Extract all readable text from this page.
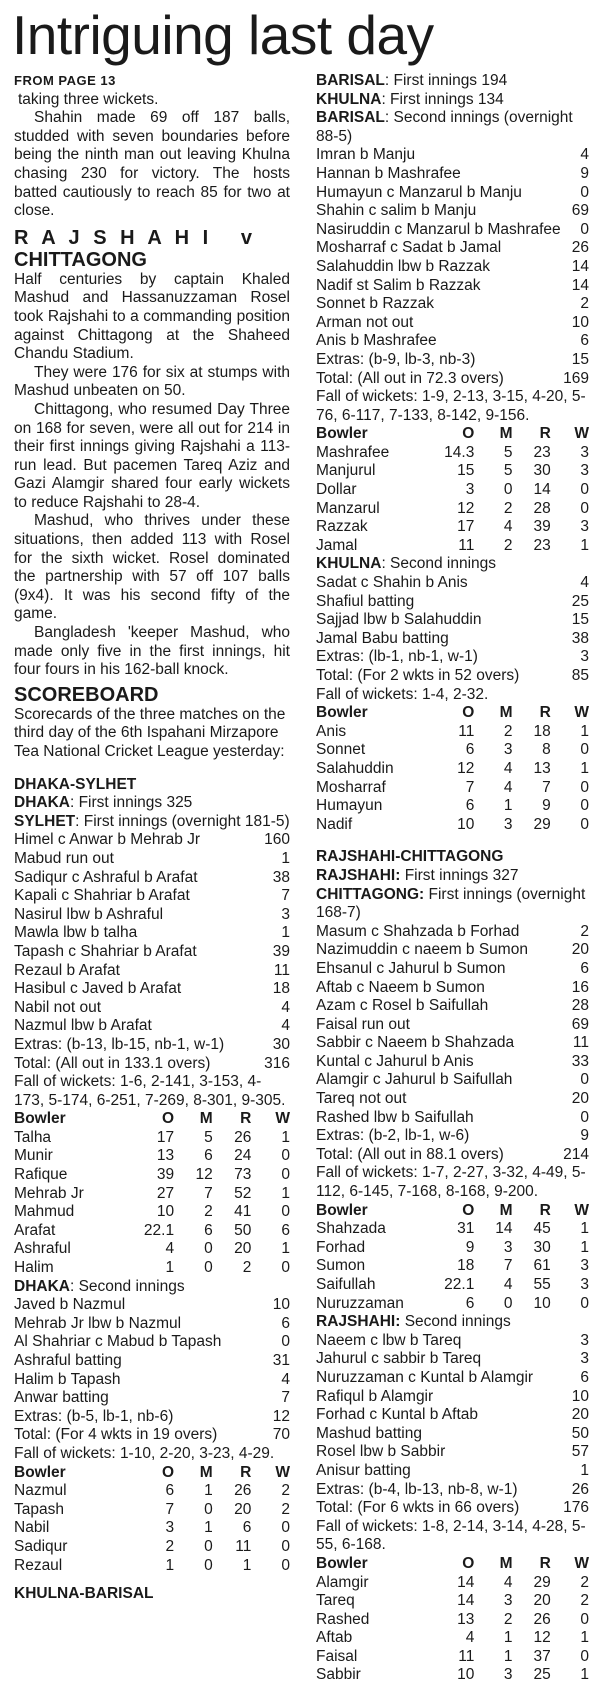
Intriguing last day
FROM PAGE 13

taking three wickets.

Shahin made 69 off 187 balls, studded with seven boundaries before being the ninth man out leaving Khulna chasing 230 for victory. The hosts batted cautiously to reach 85 for two at close.

R A J S H A H I   v
CHITTAGONG

Half centuries by captain Khaled Mashud and Hassanuzzaman Rosel took Rajshahi to a commanding position against Chittagong at the Shaheed Chandu Stadium.

They were 176 for six at stumps with Mashud unbeaten on 50.

Chittagong, who resumed Day Three on 168 for seven, were all out for 214 in their first innings giving Rajshahi a 113-run lead. But pacemen Tareq Aziz and Gazi Alamgir shared four early wickets to reduce Rajshahi to 28-4.

Mashud, who thrives under these situations, then added 113 with Rosel for the sixth wicket. Rosel dominated the partnership with 57 off 107 balls (9x4). It was his second fifty of the game.

Bangladesh 'keeper Mashud, who made only five in the first innings, hit four fours in his 162-ball knock.

SCOREBOARD

Scorecards of the three matches on the third day of the 6th Ispahani Mirzapore Tea National Cricket League yesterday:

DHAKA-SYLHET
DHAKA: First innings 325
SYLHET: First innings (overnight 181-5)
Himel c Anwar b Mehrab Jr	160
Mabud run out	1
Sadiqur c Ashraful b Arafat	38
Kapali c Shahriar b Arafat	7
Nasirul lbw b Ashraful	3
Mawla lbw b talha	1
Tapash c Shahriar b Arafat	39
Rezaul b Arafat	11
Hasibul c Javed b Arafat	18
Nabil not out	4
Nazmul lbw b Arafat	4
Extras: (b-13, lb-15, nb-1, w-1)	30
Total: (All out in 133.1 overs)	316
Fall of wickets: 1-6, 2-141, 3-153, 4-173, 5-174, 6-251, 7-269, 8-301, 9-305.
Bowler	O	M	R	W
Talha	17	5	26	1
Munir	13	6	24	0
Rafique	39	12	73	0
Mehrab Jr	27	7	52	1
Mahmud	10	2	41	0
Arafat	22.1	6	50	6
Ashraful	4	0	20	1
Halim	1	0	2	0
DHAKA: Second innings
Javed b Nazmul	10
Mehrab Jr lbw b Nazmul	6
Al Shahriar c Mabud b Tapash	0
Ashraful batting	31
Halim b Tapash	4
Anwar batting	7
Extras: (b-5, lb-1, nb-6)	12
Total: (For 4 wkts in 19 overs)	70
Fall of wickets: 1-10, 2-20, 3-23, 4-29.
Bowler	O	M	R	W
Nazmul	6	1	26	2
Tapash	7	0	20	2
Nabil	3	1	6	0
Sadiqur	2	0	11	0
Rezaul	1	0	1	0
KHULNA-BARISAL
BARISAL: First innings 194
KHULNA: First innings 134
BARISAL: Second innings (overnight 88-5)
Imran b Manju	4
Hannan b Mashrafee	9
Humayun c Manzarul b Manju	0
Shahin c salim b Manju	69
Nasiruddin c Manzarul b Mashrafee 0
Mosharraf c Sadat b Jamal	26
Salahuddin lbw b Razzak	14
Nadif st Salim b Razzak	14
Sonnet b Razzak	2
Arman not out	10
Anis b Mashrafee	6
Extras: (b-9, lb-3, nb-3)	15
Total: (All out in 72.3 overs)	169
Fall of wickets: 1-9, 2-13, 3-15, 4-20, 5-76, 6-117, 7-133, 8-142, 9-156.
Bowler	O	M	R	W
Mashrafee	14.3	5	23	3
Manjurul	15	5	30	3
Dollar	3	0	14	0
Manzarul	12	2	28	0
Razzak	17	4	39	3
Jamal	11	2	23	1
KHULNA: Second innings
Sadat c Shahin b Anis	4
Shafiul batting	25
Sajjad lbw b Salahuddin	15
Jamal Babu batting	38
Extras: (lb-1, nb-1, w-1)	3
Total: (For 2 wkts in 52 overs)	85
Fall of wickets: 1-4, 2-32.
Bowler	O	M	R	W
Anis	11	2	18	1
Sonnet	6	3	8	0
Salahuddin	12	4	13	1
Mosharraf	7	4	7	0
Humayun	6	1	9	0
Nadif	10	3	29	0
RAJSHAHI-CHITTAGONG
RAJSHAHI: First innings 327
CHITTAGONG: First innings (overnight 168-7)
Masum c Shahzada b Forhad	2
Nazimuddin c naeem b Sumon	20
Ehsanul c Jahurul b Sumon	6
Aftab c Naeem b Sumon	16
Azam c Rosel b Saifullah	28
Faisal run out	69
Sabbir c Naeem b Shahzada	11
Kuntal c Jahurul b Anis	33
Alamgir c Jahurul b Saifullah	0
Tareq not out	20
Rashed lbw b Saifullah	0
Extras: (b-2, lb-1, w-6)	9
Total: (All out in 88.1 overs)	214
Fall of wickets: 1-7, 2-27, 3-32, 4-49, 5-112, 6-145, 7-168, 8-168, 9-200.
Bowler	O	M	R	W
Shahzada	31	14	45	1
Forhad	9	3	30	1
Sumon	18	7	61	3
Saifullah	22.1	4	55	3
Nuruzzaman	6	0	10	0
RAJSHAHI: Second innings
Naeem c lbw b Tareq	3
Jahurul c sabbir b Tareq	3
Nuruzzaman c Kuntal b Alamgir	6
Rafiqul b Alamgir	10
Forhad c Kuntal b Aftab	20
Mashud batting	50
Rosel lbw b Sabbir	57
Anisur batting	1
Extras: (b-4, lb-13, nb-8, w-1)	26
Total: (For 6 wkts in 66 overs)	176
Fall of wickets: 1-8, 2-14, 3-14, 4-28, 5-55, 6-168.
Bowler	O	M	R	W
Alamgir	14	4	29	2
Tareq	14	3	20	2
Rashed	13	2	26	0
Aftab	4	1	12	1
Faisal	11	1	37	0
Sabbir	10	3	25	1
